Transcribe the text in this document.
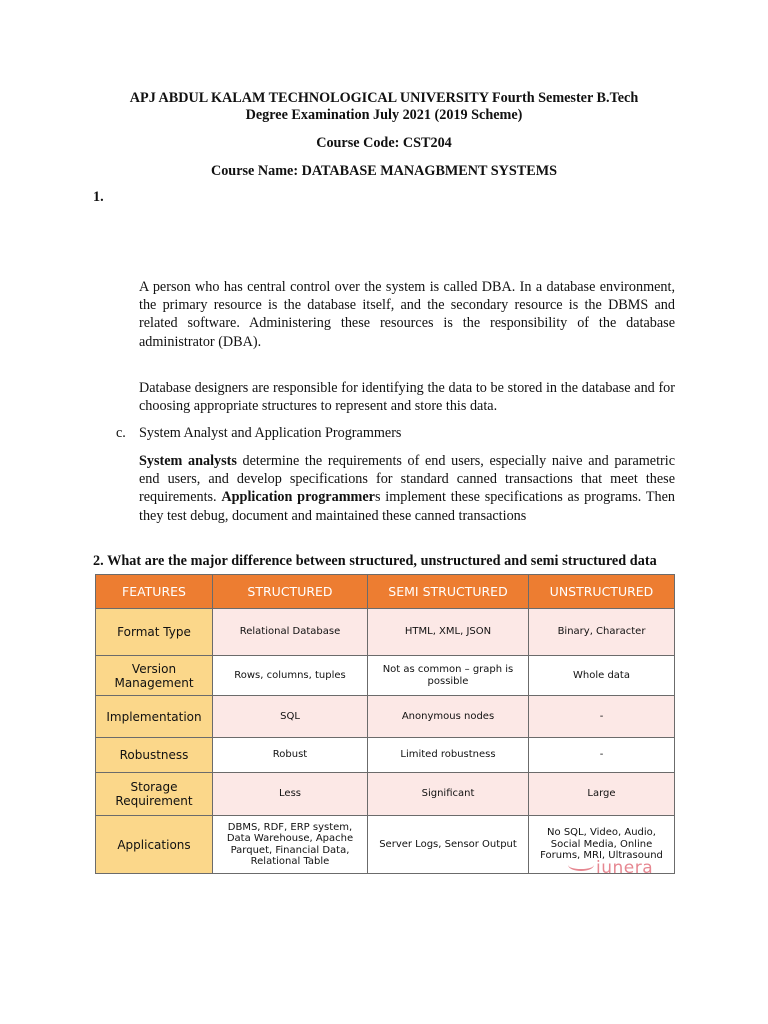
APJ ABDUL KALAM TECHNOLOGICAL UNIVERSITY Fourth Semester B.Tech
Degree Examination July 2021 (2019 Scheme)
Course Code: CST204
Course Name: DATABASE MANAGBMENT SYSTEMS
1.
A person who has central control over the system is called DBA. In a database environment, the primary resource is the database itself, and the secondary resource is the DBMS and related software. Administering these resources is the responsibility of the database administrator (DBA).
Database designers are responsible for identifying the data to be stored in the database and for choosing appropriate structures to represent and store this data.
c. System Analyst and Application Programmers
System analysts determine the requirements of end users, especially naive and parametric end users, and develop specifications for standard canned transactions that meet these requirements. Application programmers implement these specifications as programs. Then they test debug, document and maintained these canned transactions
2. What are the major difference between structured, unstructured and semi structured data
FEATURES	STRUCTURED	SEMI STRUCTURED	UNSTRUCTURED
Format Type	Relational Database	HTML, XML, JSON	Binary, Character
Version Management	Rows, columns, tuples	Not as common – graph is possible	Whole data
Implementation	SQL	Anonymous nodes	-
Robustness	Robust	Limited robustness	-
Storage Requirement	Less	Significant	Large
Applications	DBMS, RDF, ERP system, Data Warehouse, Apache Parquet, Financial Data, Relational Table	Server Logs, Sensor Output	No SQL, Video, Audio, Social Media, Online Forums, MRI, Ultrasound
iunera
